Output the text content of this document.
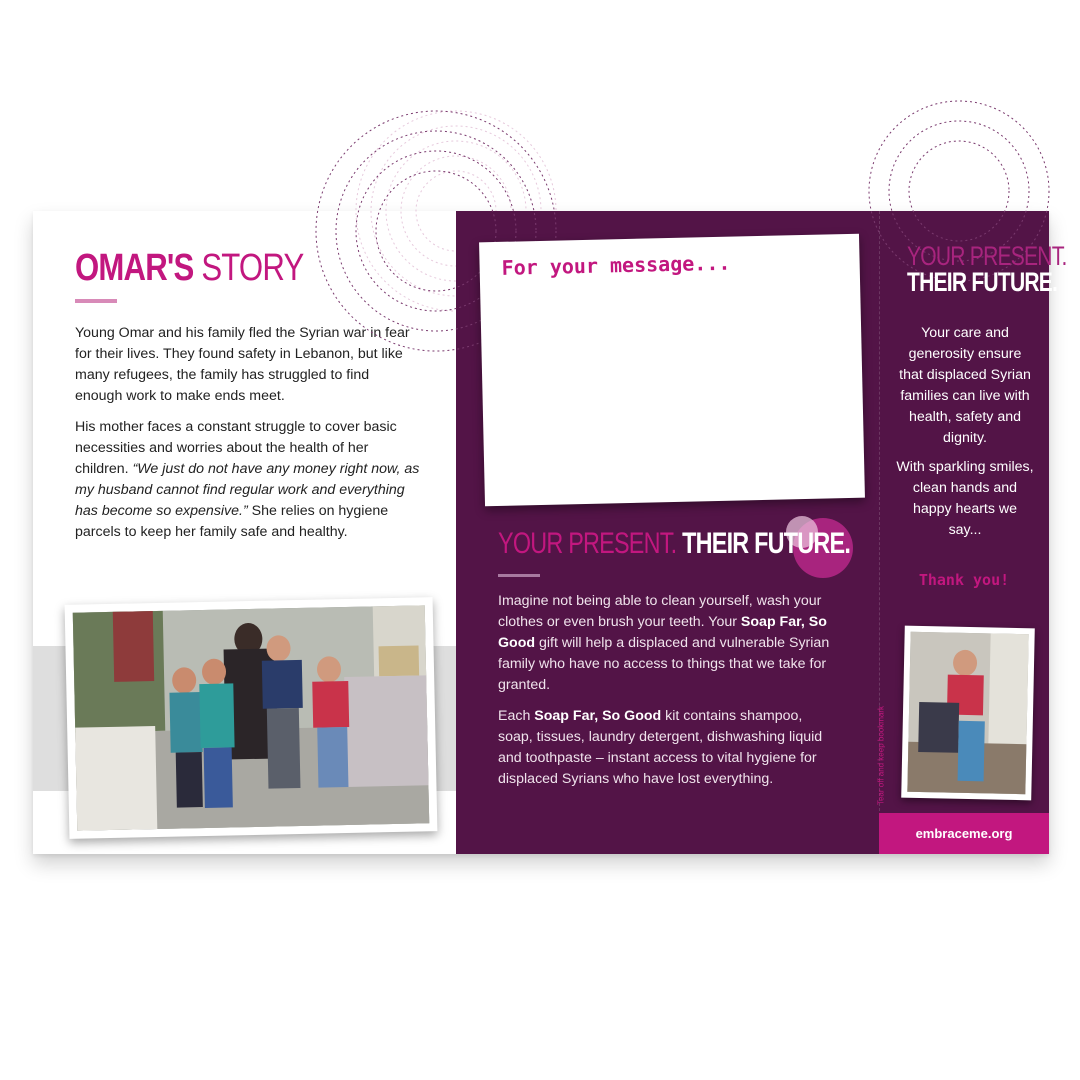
OMAR'S STORY

Young Omar and his family fled the Syrian war in fear for their lives. They found safety in Lebanon, but like many refugees, the family has struggled to find enough work to make ends meet.

His mother faces a constant struggle to cover basic necessities and worries about the health of her children. “We just do not have any money right now, as my husband cannot find regular work and everything has become so expensive.” She relies on hygiene parcels to keep her family safe and healthy.

For your message...
YOUR PRESENT. THEIR FUTURE.

Imagine not being able to clean yourself, wash your clothes or even brush your teeth. Your Soap Far, So Good gift will help a displaced and vulnerable Syrian family who have no access to things that we take for granted.

Each Soap Far, So Good kit contains shampoo, soap, tissues, laundry detergent, dishwashing liquid and toothpaste – instant access to vital hygiene for displaced Syrians who have lost everything.	Tear off and keep bookmark
YOUR PRESENT.
THEIR FUTURE.

Your care and generosity ensure that displaced Syrian families can live with health, safety and dignity.

With sparkling smiles, clean hands and happy hearts we say...

Thank you!
embraceme.org
